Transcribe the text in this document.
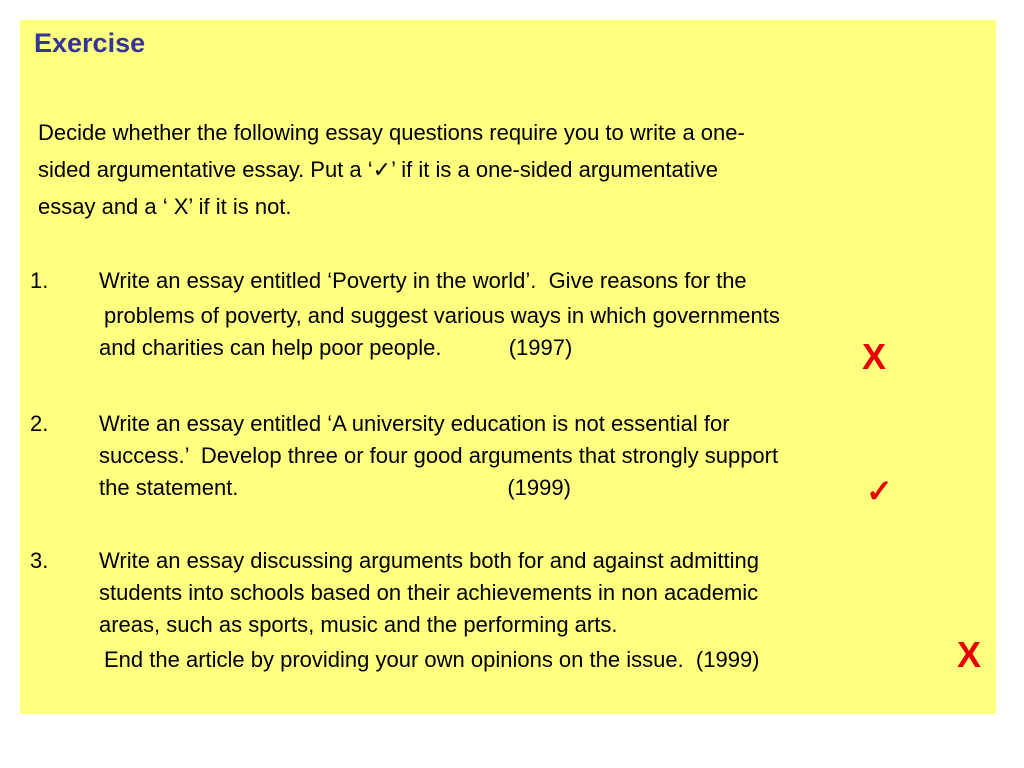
Exercise
Decide whether the following essay questions require you to write a one-
sided argumentative essay. Put a ‘✓’ if it is a one-sided argumentative
essay and a ‘ X’ if it is not.
1. Write an essay entitled ‘Poverty in the world’.  Give reasons for the
problems of poverty, and suggest various ways in which governments
and charities can help poor people.           (1997)	X
2. Write an essay entitled ‘A university education is not essential for
success.’  Develop three or four good arguments that strongly support
the statement.                                            (1999)	✓
3. Write an essay discussing arguments both for and against admitting
students into schools based on their achievements in non academic
areas, such as sports, music and the performing arts.
End the article by providing your own opinions on the issue.  (1999)	X
